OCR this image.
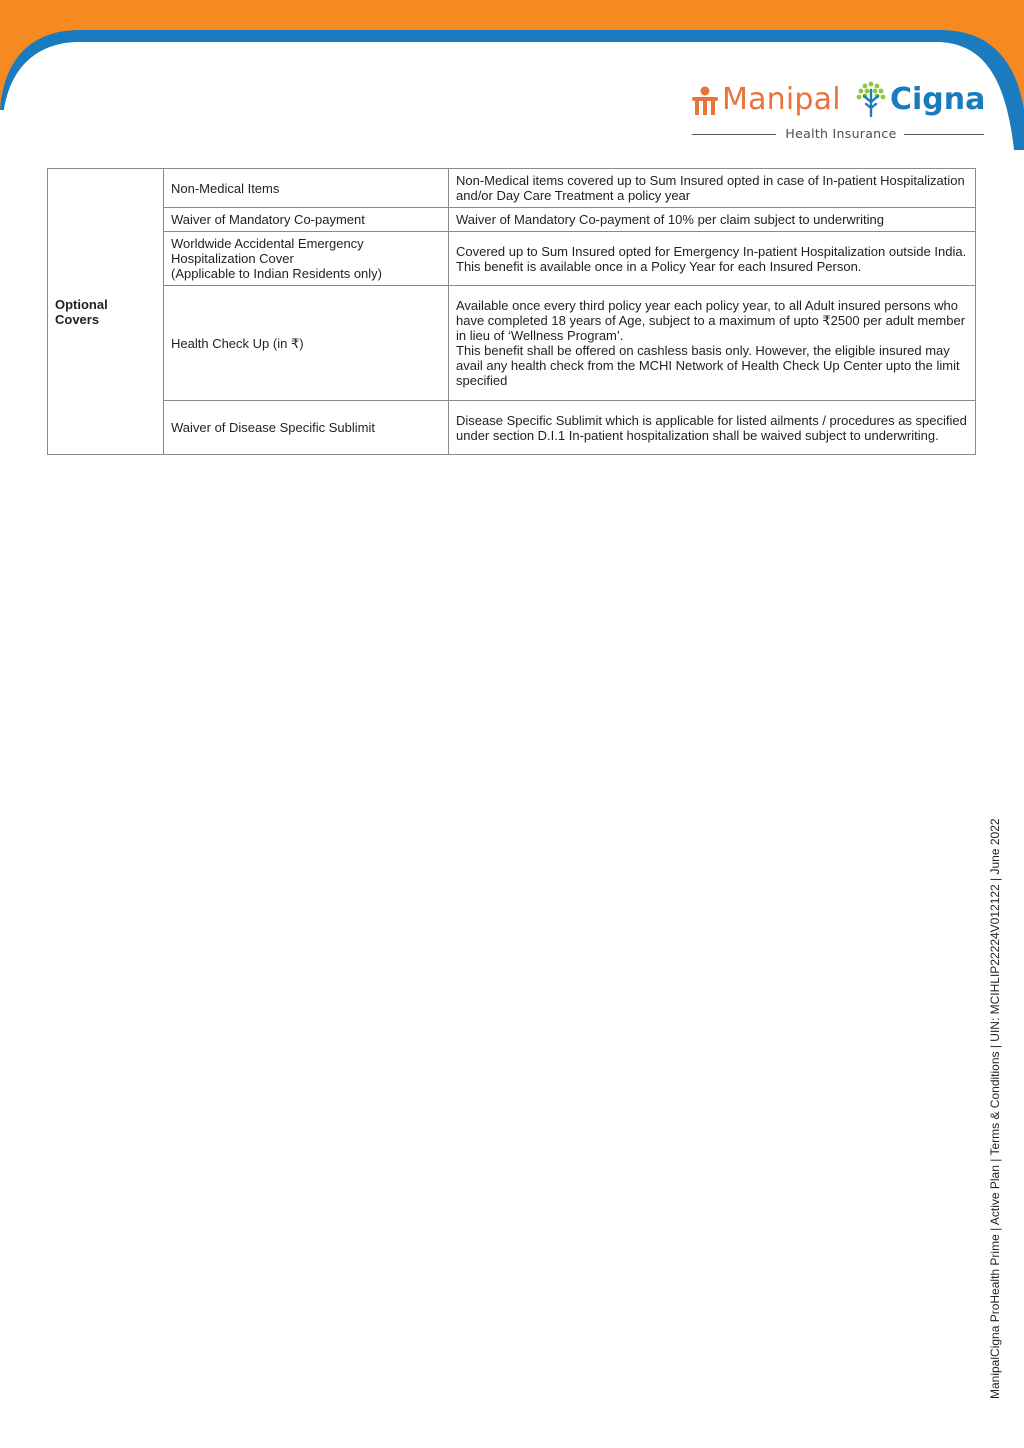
Manipal Cigna
Health Insurance
Optional Covers	Non-Medical Items	Non-Medical items covered up to Sum Insured opted in case of In-patient Hospitalization and/or Day Care Treatment a policy year
	Waiver of Mandatory Co-payment	Waiver of Mandatory Co-payment of 10% per claim subject to underwriting
	Worldwide Accidental Emergency
Hospitalization Cover
(Applicable to Indian Residents only)	Covered up to Sum Insured opted for Emergency In-patient Hospitalization outside India. This benefit is available once in a Policy Year for each Insured Person.
	Health Check Up (in ₹)	Available once every third policy year each policy year, to all Adult insured persons who have completed 18 years of Age, subject to a maximum of upto ₹2500 per adult member in lieu of ‘Wellness Program’.
This benefit shall be offered on cashless basis only. However, the eligible insured may avail any health check from the MCHI Network of Health Check Up Center upto the limit specified
	Waiver of Disease Specific Sublimit	Disease Specific Sublimit which is applicable for listed ailments / procedures as specified under section D.I.1 In-patient hospitalization shall be waived subject to underwriting.
ManipalCigna ProHealth Prime | Active Plan | Terms & Conditions | UIN: MCIHLIP22224V012122 | June 2022
